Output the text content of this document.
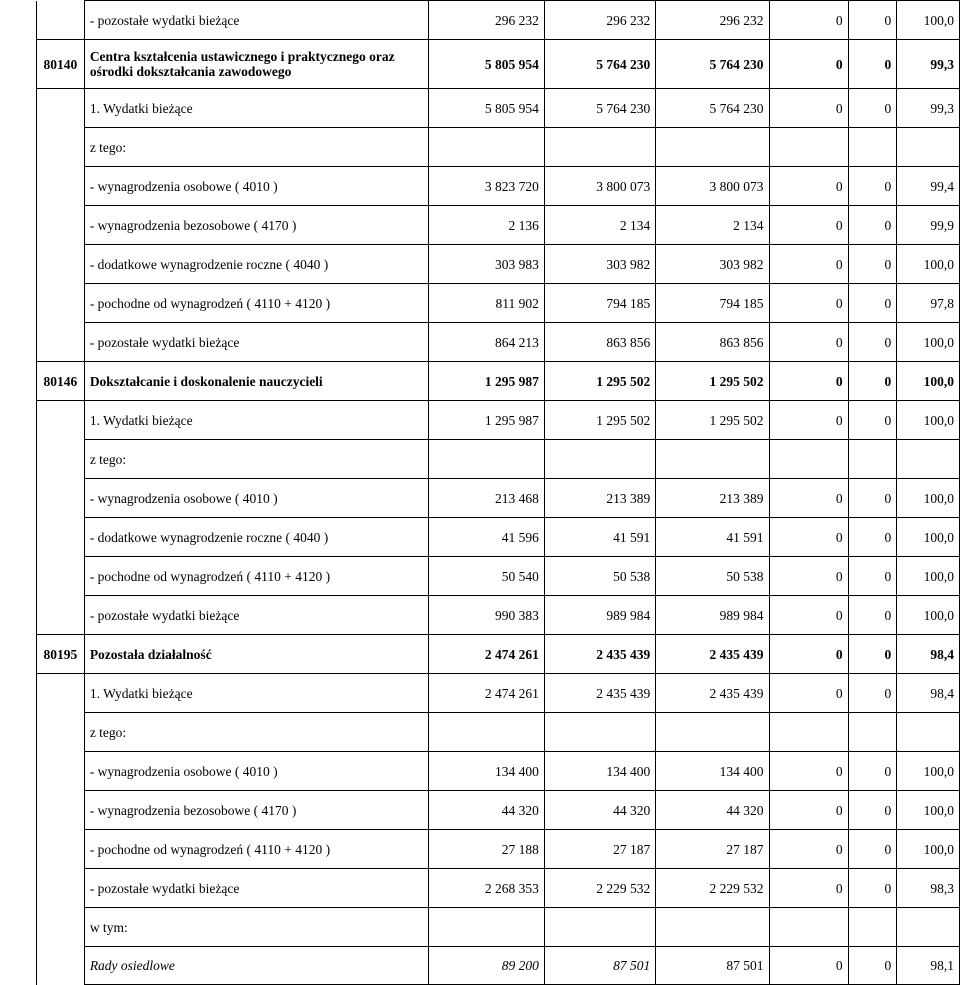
	- pozostałe wydatki bieżące	296 232	296 232	296 232	0	0	100,0
80140	Centra kształcenia ustawicznego i praktycznego oraz ośrodki dokształcania zawodowego	5 805 954	5 764 230	5 764 230	0	0	99,3
	1. Wydatki bieżące	5 805 954	5 764 230	5 764 230	0	0	99,3
	z tego:						
	- wynagrodzenia osobowe ( 4010 )	3 823 720	3 800 073	3 800 073	0	0	99,4
	- wynagrodzenia bezosobowe ( 4170 )	2 136	2 134	2 134	0	0	99,9
	- dodatkowe wynagrodzenie roczne ( 4040 )	303 983	303 982	303 982	0	0	100,0
	- pochodne od wynagrodzeń ( 4110 + 4120 )	811 902	794 185	794 185	0	0	97,8
	- pozostałe wydatki bieżące	864 213	863 856	863 856	0	0	100,0
80146	Dokształcanie i doskonalenie nauczycieli	1 295 987	1 295 502	1 295 502	0	0	100,0
	1. Wydatki bieżące	1 295 987	1 295 502	1 295 502	0	0	100,0
	z tego:						
	- wynagrodzenia osobowe ( 4010 )	213 468	213 389	213 389	0	0	100,0
	- dodatkowe wynagrodzenie roczne ( 4040 )	41 596	41 591	41 591	0	0	100,0
	- pochodne od wynagrodzeń ( 4110 + 4120 )	50 540	50 538	50 538	0	0	100,0
	- pozostałe wydatki bieżące	990 383	989 984	989 984	0	0	100,0
80195	Pozostała działalność	2 474 261	2 435 439	2 435 439	0	0	98,4
	1. Wydatki bieżące	2 474 261	2 435 439	2 435 439	0	0	98,4
	z tego:						
	- wynagrodzenia osobowe ( 4010 )	134 400	134 400	134 400	0	0	100,0
	- wynagrodzenia bezosobowe ( 4170 )	44 320	44 320	44 320	0	0	100,0
	- pochodne od wynagrodzeń ( 4110 + 4120 )	27 188	27 187	27 187	0	0	100,0
	- pozostałe wydatki bieżące	2 268 353	2 229 532	2 229 532	0	0	98,3
	w tym:						
	Rady osiedlowe	89 200	87 501	87 501	0	0	98,1
